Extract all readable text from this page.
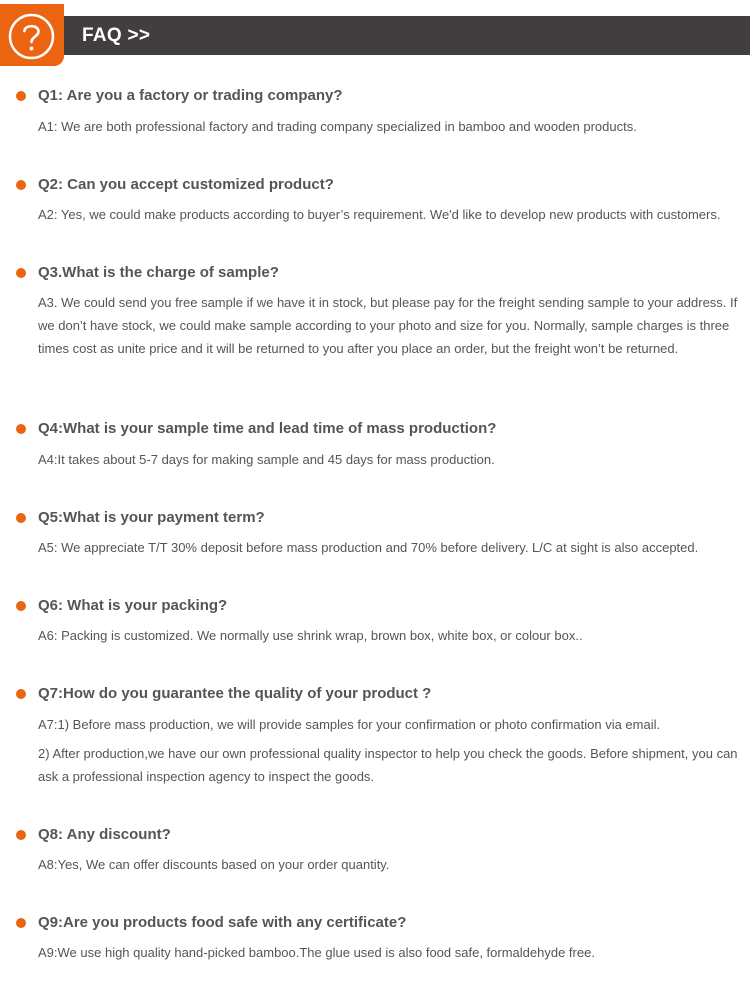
FAQ >>
Q1: Are you a factory or trading company?

A1: We are both professional factory and trading company specialized in bamboo and wooden products.

Q2: Can you accept customized product?

A2: Yes, we could make products according to buyer’s requirement. We'd like to develop new products with customers.

Q3.What is the charge of sample?

A3. We could send you free sample if we have it in stock, but please pay for the freight sending sample to your address. If we don’t have stock, we could make sample according to your photo and size for you. Normally, sample charges is three times cost as unite price and it will be returned to you after you place an order, but the freight won’t be returned.

Q4:What is your sample time and lead time of mass production?

A4:It takes about 5-7 days for making sample and 45 days for mass production.

Q5:What is your payment term?

A5: We appreciate T/T 30% deposit before mass production and 70% before delivery. L/C at sight is also accepted.

Q6: What is your packing?

A6: Packing is customized. We normally use shrink wrap, brown box, white box, or colour box..

Q7:How do you guarantee the quality of your product ?

A7:1) Before mass production, we will provide samples for your confirmation or photo confirmation via email.

2) After production,we have our own professional quality inspector to help you check the goods. Before shipment, you can ask a professional inspection agency to inspect the goods.

Q8: Any discount?

A8:Yes, We can offer discounts based on your order quantity.

Q9:Are you products food safe with any certificate?

A9:We use high quality hand-picked bamboo.The glue used is also food safe, formaldehyde free.
